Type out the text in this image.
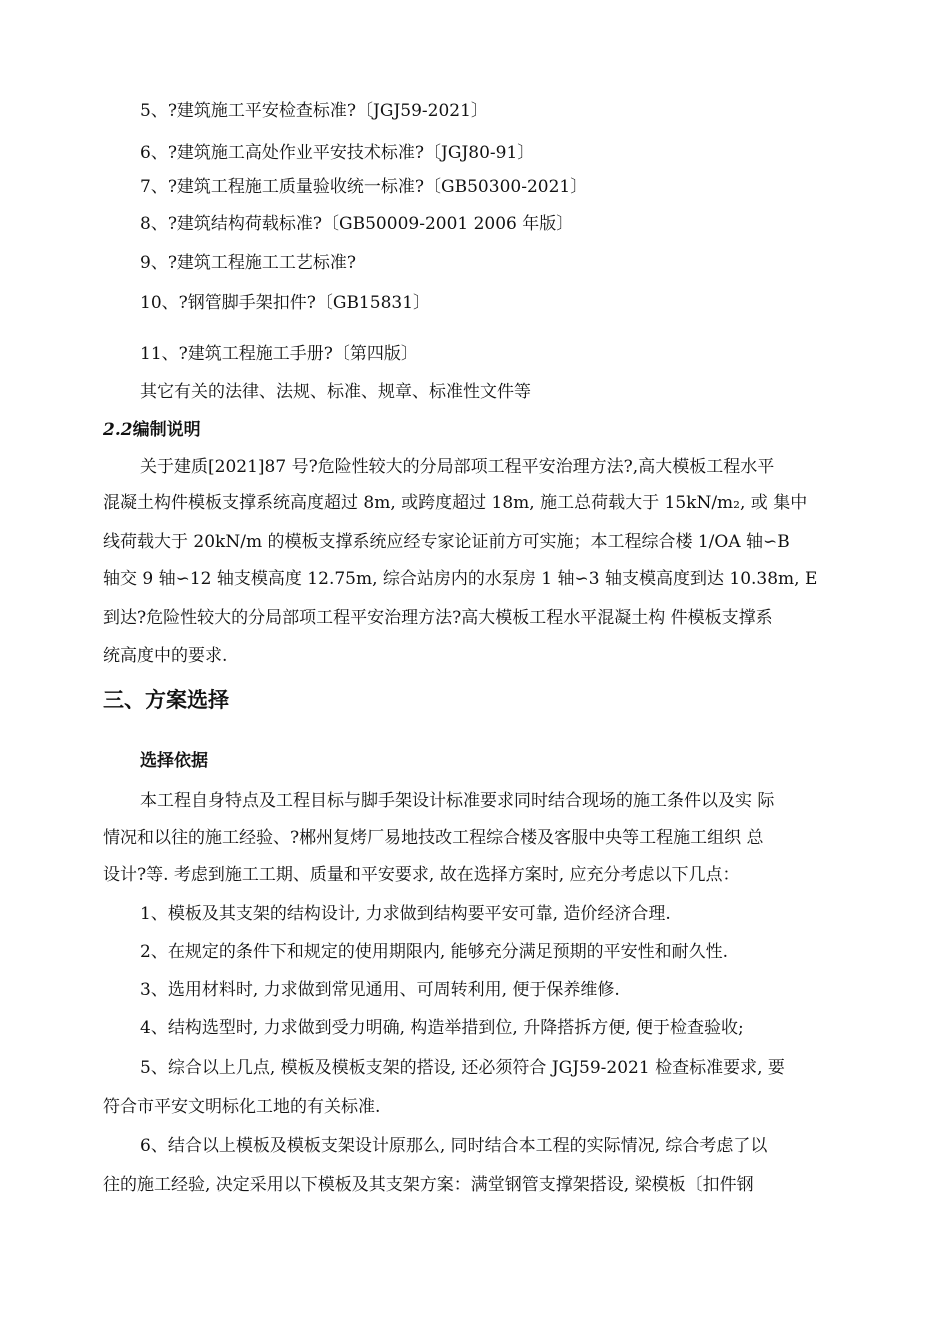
5、?建筑施工平安检查标准?〔JGJ59-2021〕
6、?建筑施工高处作业平安技术标准?〔JGJ80-91〕
7、?建筑工程施工质量验收统一标准?〔GB50300-2021〕
8、?建筑结构荷载标准?〔GB50009-2001 2006 年版〕
9、?建筑工程施工工艺标准?
10、?钢管脚手架扣件?〔GB15831〕
11、?建筑工程施工手册?〔第四版〕
其它有关的法律、法规、标准、规章、标准性文件等
2.2编制说明
关于建质[2021]87 号?危险性较大的分局部项工程平安治理方法?,高大模板工程水平
混凝土构件模板支撑系统高度超过 8m, 或跨度超过 18m, 施工总荷载大于 15kN/m₂, 或 集中
线荷载大于 20kN/m 的模板支撑系统应经专家论证前方可实施；本工程综合楼 1/OA 轴∽B
轴交 9 轴∽12 轴支模高度 12.75m, 综合站房内的水泵房 1 轴∽3 轴支模高度到达 10.38m, E
到达?危险性较大的分局部项工程平安治理方法?高大模板工程水平混凝土构 件模板支撑系
统高度中的要求.
三、方案选择
选择依据
本工程自身特点及工程目标与脚手架设计标准要求同时结合现场的施工条件以及实 际
情况和以往的施工经验、?郴州复烤厂易地技改工程综合楼及客服中央等工程施工组织 总
设计?等. 考虑到施工工期、质量和平安要求, 故在选择方案时, 应充分考虑以下几点：
1、模板及其支架的结构设计, 力求做到结构要平安可靠, 造价经济合理.
2、在规定的条件下和规定的使用期限内, 能够充分满足预期的平安性和耐久性.
3、选用材料时, 力求做到常见通用、可周转利用, 便于保养维修.
4、结构选型时, 力求做到受力明确, 构造举措到位, 升降搭拆方便, 便于检查验收;
5、综合以上几点, 模板及模板支架的搭设, 还必须符合 JGJ59-2021 检查标准要求, 要
符合市平安文明标化工地的有关标准.
6、结合以上模板及模板支架设计原那么, 同时结合本工程的实际情况, 综合考虑了以
往的施工经验, 决定采用以下模板及其支架方案：满堂钢管支撑架搭设, 梁模板〔扣件钢
